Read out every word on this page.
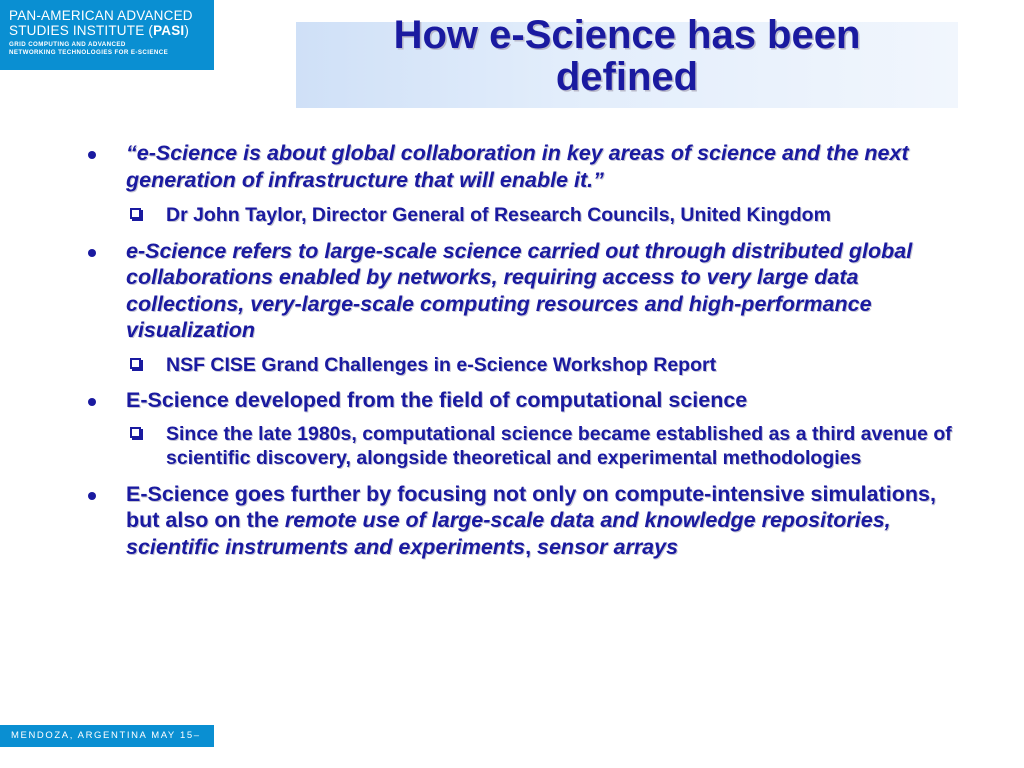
PAN-AMERICAN ADVANCED
STUDIES INSTITUTE (PASI)
GRID COMPUTING AND ADVANCED
NETWORKING TECHNOLOGIES FOR E-SCIENCE	How e-Science has been
defined
“e-Science is about global collaboration in key areas of science and the next generation of infrastructure that will enable it.”
Dr John Taylor, Director General of Research Councils, United Kingdom
e-Science refers to large-scale science carried out through distributed global collaborations enabled by networks, requiring access to very large data collections, very-large-scale computing resources and high-performance visualization
NSF CISE Grand Challenges in e-Science Workshop Report
E-Science developed from the field of computational science
Since the late 1980s, computational science became established as a third avenue of scientific discovery, alongside theoretical and experimental methodologies
E-Science goes further by focusing not only on compute-intensive simulations, but also on the remote use of large-scale data and knowledge repositories, scientific instruments and experiments, sensor arrays
MENDOZA, ARGENTINA MAY 15–21, 2005
